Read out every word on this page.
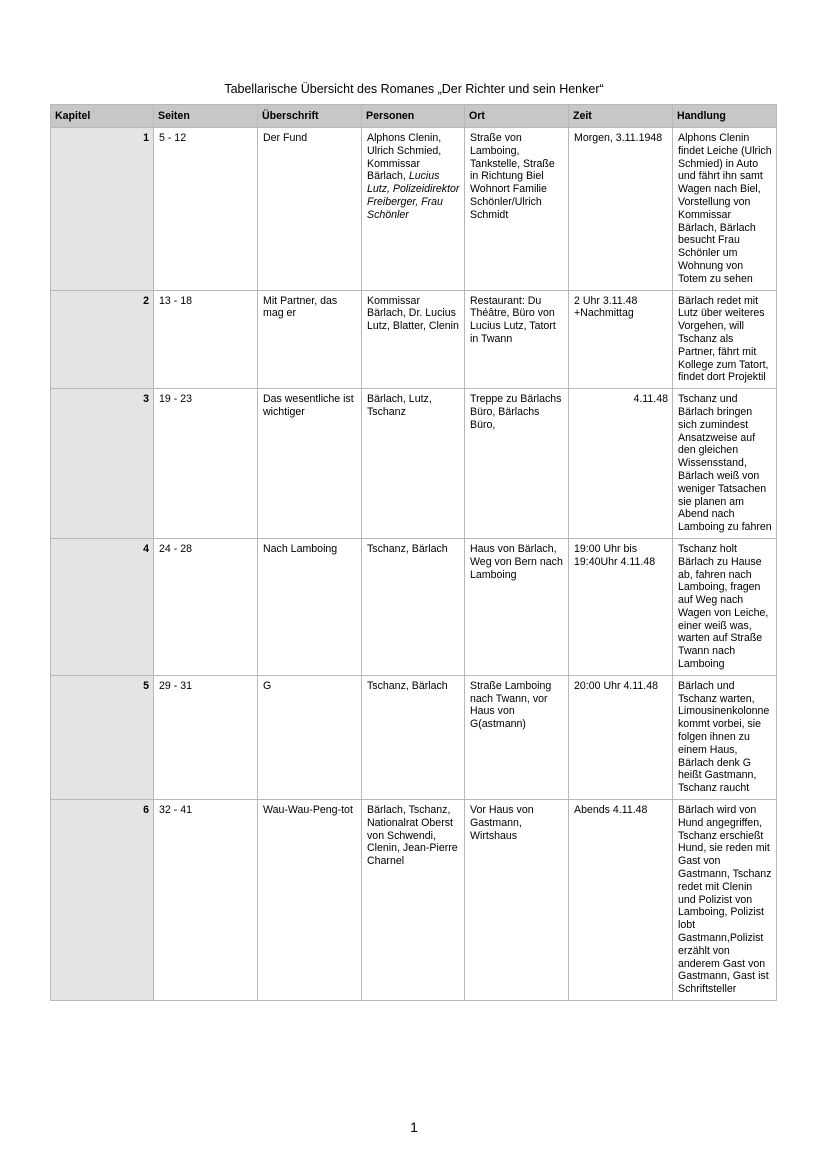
Tabellarische Übersicht des Romanes „Der Richter und sein Henker“
Kapitel	Seiten	Überschrift	Personen	Ort	Zeit	Handlung
1	5 - 12	Der Fund	Alphons Clenin, Ulrich Schmied, Kommissar Bärlach, Lucius Lutz, Polizeidirektor Freiberger, Frau Schönler	Straße von Lamboing, Tankstelle, Straße in Richtung Biel Wohnort Familie Schönler/Ulrich Schmidt	Morgen, 3.11.1948	Alphons Clenin findet Leiche (Ulrich Schmied) in Auto und fährt ihn samt Wagen nach Biel, Vorstellung von Kommissar Bärlach, Bärlach besucht Frau Schönler um Wohnung von Totem zu sehen
2	13 - 18	Mit Partner, das mag er	Kommissar Bärlach, Dr. Lucius Lutz, Blatter, Clenin	Restaurant: Du Théâtre, Büro von Lucius Lutz, Tatort in Twann	2 Uhr 3.11.48 +Nachmittag	Bärlach redet mit Lutz über weiteres Vorgehen, will Tschanz als Partner, fährt mit Kollege zum Tatort, findet dort Projektil
3	19 - 23	Das wesentliche ist wichtiger	Bärlach, Lutz, Tschanz	Treppe zu Bärlachs Büro, Bärlachs Büro,	4.11.48	Tschanz und Bärlach bringen sich zumindest Ansatzweise auf den gleichen Wissensstand, Bärlach weiß von weniger Tatsachen sie planen am Abend nach Lamboing zu fahren
4	24 - 28	Nach Lamboing	Tschanz, Bärlach	Haus von Bärlach, Weg von Bern nach Lamboing	19:00 Uhr bis 19:40Uhr 4.11.48	Tschanz holt Bärlach zu Hause ab, fahren nach Lamboing, fragen auf Weg nach Wagen von Leiche, einer weiß was, warten auf Straße Twann nach Lamboing
5	29 - 31	G	Tschanz, Bärlach	Straße Lamboing nach Twann, vor Haus von G(astmann)	20:00 Uhr 4.11.48	Bärlach und Tschanz warten, Limousinenkolonne kommt vorbei, sie folgen ihnen zu einem Haus, Bärlach denk G heißt Gastmann, Tschanz raucht
6	32 - 41	Wau-Wau-Peng-tot	Bärlach, Tschanz, Nationalrat Oberst von Schwendi, Clenin, Jean-Pierre Charnel	Vor Haus von Gastmann, Wirtshaus	Abends 4.11.48	Bärlach wird von Hund angegriffen, Tschanz erschießt Hund, sie reden mit Gast von Gastmann, Tschanz redet mit Clenin und Polizist von Lamboing, Polizist lobt Gastmann,Polizist erzählt von anderem Gast von Gastmann, Gast ist Schriftsteller
1
